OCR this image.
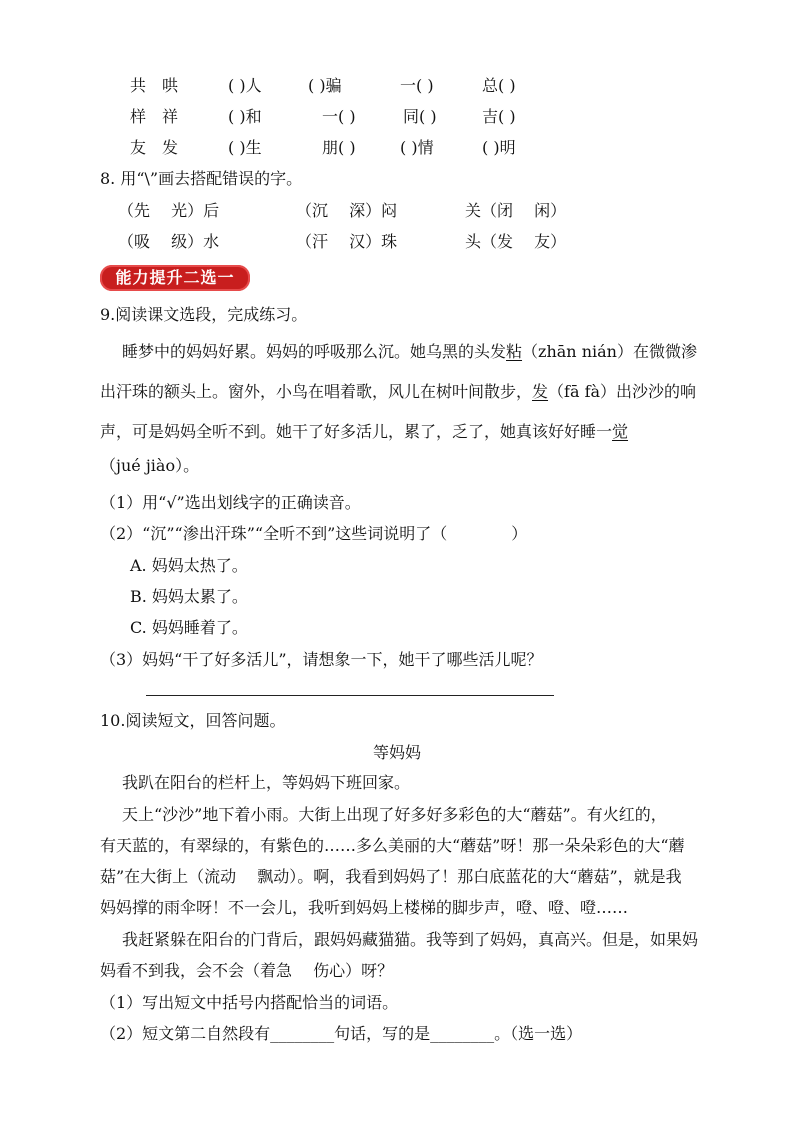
共 哄	( )人	( )骗	一( )	总( )
样 祥	( )和	一( )	同( )	吉( )
友 发	( )生	朋( )	( )情	( )明
8. 用“\”画去搭配错误的字。
（先　 光）后	（沉　 深）闷	关（闭　 闲）
（吸　 级）水	（汗　 汉）珠	头（发　 友）
能力提升二选一
9.阅读课文选段，完成练习。
睡梦中的妈妈好累。妈妈的呼吸那么沉。她乌黑的头发粘（zhān nián）在微微渗
出汗珠的额头上。窗外，小鸟在唱着歌，风儿在树叶间散步，发（fā fà）出沙沙的响
声，可是妈妈全听不到。她干了好多活儿，累了，乏了，她真该好好睡一觉
（jué jiào）。
（1）用“√”选出划线字的正确读音。
（2）“沉”“渗出汗珠”“全听不到”这些词说明了（　　　　）
A. 妈妈太热了。
B. 妈妈太累了。
C. 妈妈睡着了。
（3）妈妈“干了好多活儿”，请想象一下，她干了哪些活儿呢？
10.阅读短文，回答问题。
等妈妈
我趴在阳台的栏杆上，等妈妈下班回家。
天上“沙沙”地下着小雨。大街上出现了好多好多彩色的大“蘑菇”。有火红的，
有天蓝的，有翠绿的，有紫色的……多么美丽的大“蘑菇”呀！那一朵朵彩色的大“蘑
菇”在大街上（流动　 飘动）。啊，我看到妈妈了！那白底蓝花的大“蘑菇”，就是我
妈妈撑的雨伞呀！不一会儿，我听到妈妈上楼梯的脚步声，噔、噔、噔……
我赶紧躲在阳台的门背后，跟妈妈藏猫猫。我等到了妈妈，真高兴。但是，如果妈
妈看不到我，会不会（着急　 伤心）呀？
（1）写出短文中括号内搭配恰当的词语。
（2）短文第二自然段有________句话，写的是________。（选一选）
